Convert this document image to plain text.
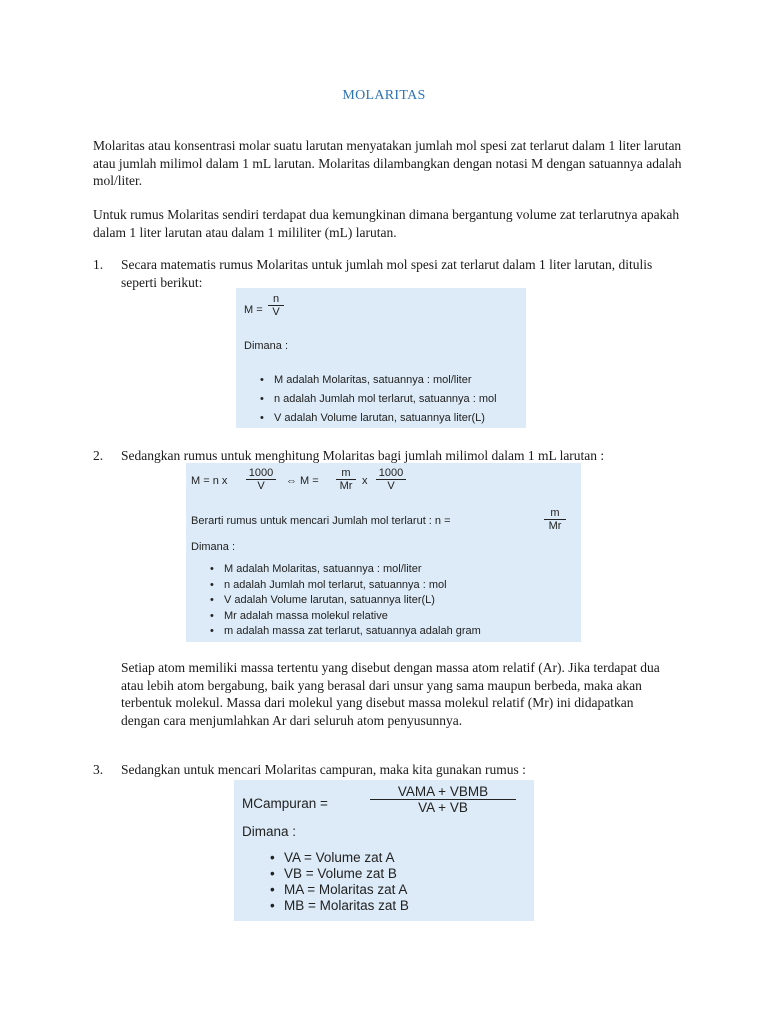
MOLARITAS

Molaritas atau konsentrasi molar suatu larutan menyatakan jumlah mol spesi zat terlarut dalam 1 liter larutan atau jumlah milimol dalam 1 mL larutan. Molaritas dilambangkan dengan notasi M dengan satuannya adalah mol/liter.

Untuk rumus Molaritas sendiri terdapat dua kemungkinan dimana bergantung volume zat terlarutnya apakah dalam 1 liter larutan atau dalam 1 mililiter (mL) larutan.

1. Secara matematis rumus Molaritas untuk jumlah mol spesi zat terlarut dalam 1 liter larutan, ditulis seperti berikut:

$M = \frac{n}{V}$
Dimana :
• M adalah Molaritas, satuannya : mol/liter
• n adalah Jumlah mol terlarut, satuannya : mol
• V adalah Volume larutan, satuannya liter(L)
2. Sedangkan rumus untuk menghitung Molaritas bagi jumlah milimol dalam 1 mL larutan :

M = n x $\frac{1000}{V}$ ⇔ $M = \frac{m}{Mr}$ x $\frac{1000}{V}$
Berarti rumus untuk mencari Jumlah mol terlarut : n =	$\frac{m}{Mr}$
Dimana :
• M adalah Molaritas, satuannya : mol/liter
• n adalah Jumlah mol terlarut, satuannya : mol
• V adalah Volume larutan, satuannya liter(L)
• Mr adalah massa molekul relative
• m adalah massa zat terlarut, satuannya adalah gram

Setiap atom memiliki massa tertentu yang disebut dengan massa atom relatif (Ar). Jika terdapat dua atau lebih atom bergabung, baik yang berasal dari unsur yang sama maupun berbeda, maka akan terbentuk molekul. Massa dari molekul yang disebut massa molekul relatif (Mr) ini didapatkan dengan cara menjumlahkan Ar dari seluruh atom penyusunnya.

3. Sedangkan untuk mencari Molaritas campuran, maka kita gunakan rumus :

MCampuran =
VAMA + VBMB
VA + VB
Dimana :
• VA = Volume zat A
• VB = Volume zat B
• MA = Molaritas zat A
• MB = Molaritas zat B
